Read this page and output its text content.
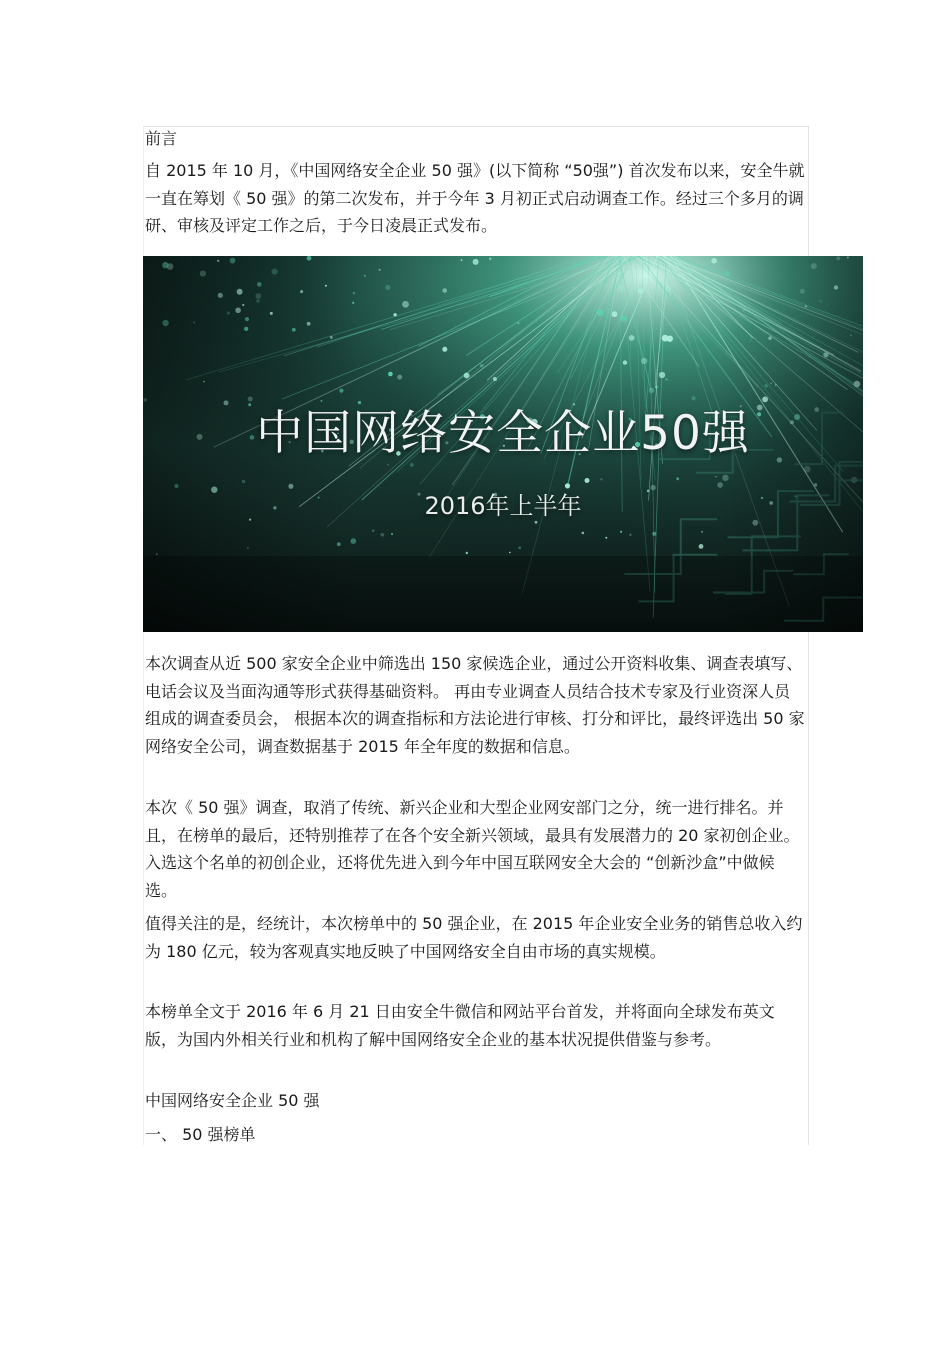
前言

自 2015 年 10 月，《中国网络安全企业 50 强》(以下简称 “50强”) 首次发布以来，安全牛就一直在筹划《 50 强》的第二次发布，并于今年 3 月初正式启动调查工作。经过三个多月的调研、审核及评定工作之后，于今日凌晨正式发布。

中国网络安全企业50强
2016年上半年

本次调查从近 500 家安全企业中筛选出 150 家候选企业，通过公开资料收集、调查表填写、电话会议及当面沟通等形式获得基础资料。 再由专业调查人员结合技术专家及行业资深人员组成的调查委员会， 根据本次的调查指标和方法论进行审核、打分和评比，最终评选出 50 家网络安全公司，调查数据基于 2015 年全年度的数据和信息。

本次《 50 强》调查，取消了传统、新兴企业和大型企业网安部门之分，统一进行排名。并且，在榜单的最后，还特别推荐了在各个安全新兴领域，最具有发展潜力的 20 家初创企业。入选这个名单的初创企业，还将优先进入到今年中国互联网安全大会的 “创新沙盒”中做候选。

值得关注的是，经统计，本次榜单中的 50 强企业，在 2015 年企业安全业务的销售总收入约为 180 亿元，较为客观真实地反映了中国网络安全自由市场的真实规模。

本榜单全文于 2016 年 6 月 21 日由安全牛微信和网站平台首发，并将面向全球发布英文版，为国内外相关行业和机构了解中国网络安全企业的基本状况提供借鉴与参考。

中国网络安全企业 50 强

一、 50 强榜单
